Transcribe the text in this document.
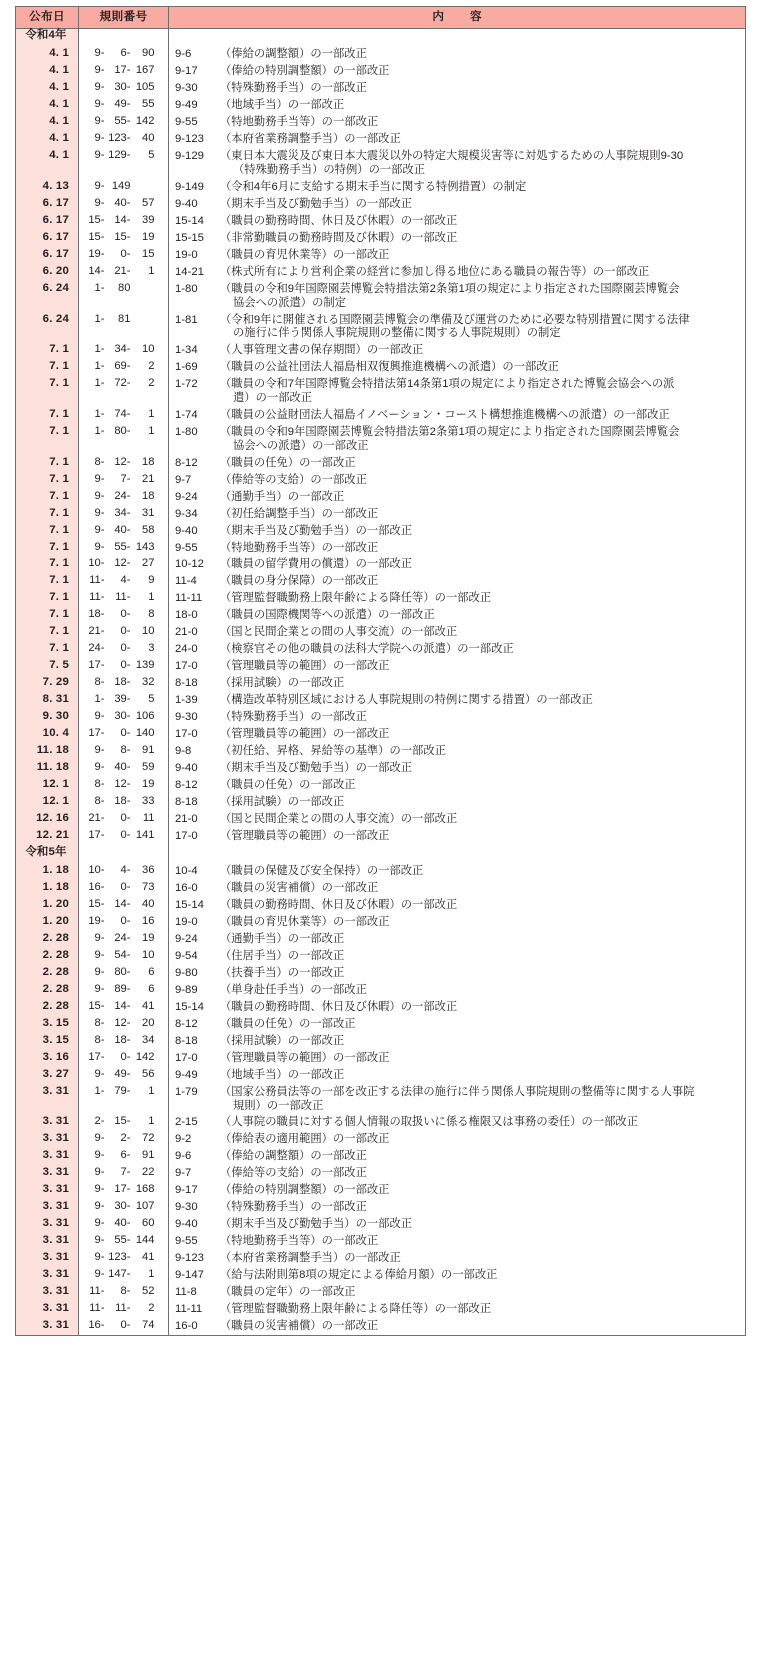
公布日	規則番号	内 容

令和4年		

4. 1	9- 6- 90	9-6 （俸給の調整額）の一部改正
4. 1	9- 17- 167	9-17 （俸給の特別調整額）の一部改正
4. 1	9- 30- 105	9-30 （特殊勤務手当）の一部改正
4. 1	9- 49- 55	9-49 （地域手当）の一部改正
4. 1	9- 55- 142	9-55 （特地勤務手当等）の一部改正
4. 1	9- 123- 40	9-123 （本府省業務調整手当）の一部改正
4. 1	9- 129- 5	9-129 （東日本大震災及び東日本大震災以外の特定大規模災害等に対処するための人事院規則9-30
（特殊勤務手当）の特例）の一部改正

4. 13	9- 149	9-149 （令和4年6月に支給する期末手当に関する特例措置）の制定
6. 17	9- 40- 57	9-40 （期末手当及び勤勉手当）の一部改正
6. 17	15- 14- 39	15-14 （職員の勤務時間、休日及び休暇）の一部改正
6. 17	15- 15- 19	15-15 （非常勤職員の勤務時間及び休暇）の一部改正
6. 17	19- 0- 15	19-0 （職員の育児休業等）の一部改正
6. 20	14- 21- 1	14-21 （株式所有により営利企業の経営に参加し得る地位にある職員の報告等）の一部改正
6. 24	1- 80	1-80 （職員の令和9年国際園芸博覧会特措法第2条第1項の規定により指定された国際園芸博覧会
協会への派遣）の制定

6. 24	1- 81	1-81 （令和9年に開催される国際園芸博覧会の準備及び運営のために必要な特別措置に関する法律
の施行に伴う関係人事院規則の整備に関する人事院規則）の制定

7. 1	1- 34- 10	1-34 （人事管理文書の保存期間）の一部改正
7. 1	1- 69- 2	1-69 （職員の公益社団法人福島相双復興推進機構への派遣）の一部改正
7. 1	1- 72- 2	1-72 （職員の令和7年国際博覧会特措法第14条第1項の規定により指定された博覧会協会への派
遣）の一部改正

7. 1	1- 74- 1	1-74 （職員の公益財団法人福島イノベーション・コースト構想推進機構への派遣）の一部改正
7. 1	1- 80- 1	1-80 （職員の令和9年国際園芸博覧会特措法第2条第1項の規定により指定された国際園芸博覧会
協会への派遣）の一部改正

7. 1	8- 12- 18	8-12 （職員の任免）の一部改正
7. 1	9- 7- 21	9-7 （俸給等の支給）の一部改正
7. 1	9- 24- 18	9-24 （通勤手当）の一部改正
7. 1	9- 34- 31	9-34 （初任給調整手当）の一部改正
7. 1	9- 40- 58	9-40 （期末手当及び勤勉手当）の一部改正
7. 1	9- 55- 143	9-55 （特地勤務手当等）の一部改正
7. 1	10- 12- 27	10-12 （職員の留学費用の償還）の一部改正
7. 1	11- 4- 9	11-4 （職員の身分保障）の一部改正
7. 1	11- 11- 1	11-11 （管理監督職勤務上限年齢による降任等）の一部改正
7. 1	18- 0- 8	18-0 （職員の国際機関等への派遣）の一部改正
7. 1	21- 0- 10	21-0 （国と民間企業との間の人事交流）の一部改正
7. 1	24- 0- 3	24-0 （検察官その他の職員の法科大学院への派遣）の一部改正
7. 5	17- 0- 139	17-0 （管理職員等の範囲）の一部改正
7. 29	8- 18- 32	8-18 （採用試験）の一部改正
8. 31	1- 39- 5	1-39 （構造改革特別区域における人事院規則の特例に関する措置）の一部改正
9. 30	9- 30- 106	9-30 （特殊勤務手当）の一部改正
10. 4	17- 0- 140	17-0 （管理職員等の範囲）の一部改正
11. 18	9- 8- 91	9-8 （初任給、昇格、昇給等の基準）の一部改正
11. 18	9- 40- 59	9-40 （期末手当及び勤勉手当）の一部改正
12. 1	8- 12- 19	8-12 （職員の任免）の一部改正
12. 1	8- 18- 33	8-18 （採用試験）の一部改正
12. 16	21- 0- 11	21-0 （国と民間企業との間の人事交流）の一部改正
12. 21	17- 0- 141	17-0 （管理職員等の範囲）の一部改正

令和5年		

1. 18	10- 4- 36	10-4 （職員の保健及び安全保持）の一部改正
1. 18	16- 0- 73	16-0 （職員の災害補償）の一部改正
1. 20	15- 14- 40	15-14 （職員の勤務時間、休日及び休暇）の一部改正
1. 20	19- 0- 16	19-0 （職員の育児休業等）の一部改正
2. 28	9- 24- 19	9-24 （通勤手当）の一部改正
2. 28	9- 54- 10	9-54 （住居手当）の一部改正
2. 28	9- 80- 6	9-80 （扶養手当）の一部改正
2. 28	9- 89- 6	9-89 （単身赴任手当）の一部改正
2. 28	15- 14- 41	15-14 （職員の勤務時間、休日及び休暇）の一部改正
3. 15	8- 12- 20	8-12 （職員の任免）の一部改正
3. 15	8- 18- 34	8-18 （採用試験）の一部改正
3. 16	17- 0- 142	17-0 （管理職員等の範囲）の一部改正
3. 27	9- 49- 56	9-49 （地域手当）の一部改正
3. 31	1- 79- 1	1-79 （国家公務員法等の一部を改正する法律の施行に伴う関係人事院規則の整備等に関する人事院
規則）の一部改正

3. 31	2- 15- 1	2-15 （人事院の職員に対する個人情報の取扱いに係る権限又は事務の委任）の一部改正
3. 31	9- 2- 72	9-2 （俸給表の適用範囲）の一部改正
3. 31	9- 6- 91	9-6 （俸給の調整額）の一部改正
3. 31	9- 7- 22	9-7 （俸給等の支給）の一部改正
3. 31	9- 17- 168	9-17 （俸給の特別調整額）の一部改正
3. 31	9- 30- 107	9-30 （特殊勤務手当）の一部改正
3. 31	9- 40- 60	9-40 （期末手当及び勤勉手当）の一部改正
3. 31	9- 55- 144	9-55 （特地勤務手当等）の一部改正
3. 31	9- 123- 41	9-123 （本府省業務調整手当）の一部改正
3. 31	9- 147- 1	9-147 （給与法附則第8項の規定による俸給月額）の一部改正
3. 31	11- 8- 52	11-8 （職員の定年）の一部改正
3. 31	11- 11- 2	11-11 （管理監督職勤務上限年齢による降任等）の一部改正
3. 31	16- 0- 74	16-0 （職員の災害補償）の一部改正
